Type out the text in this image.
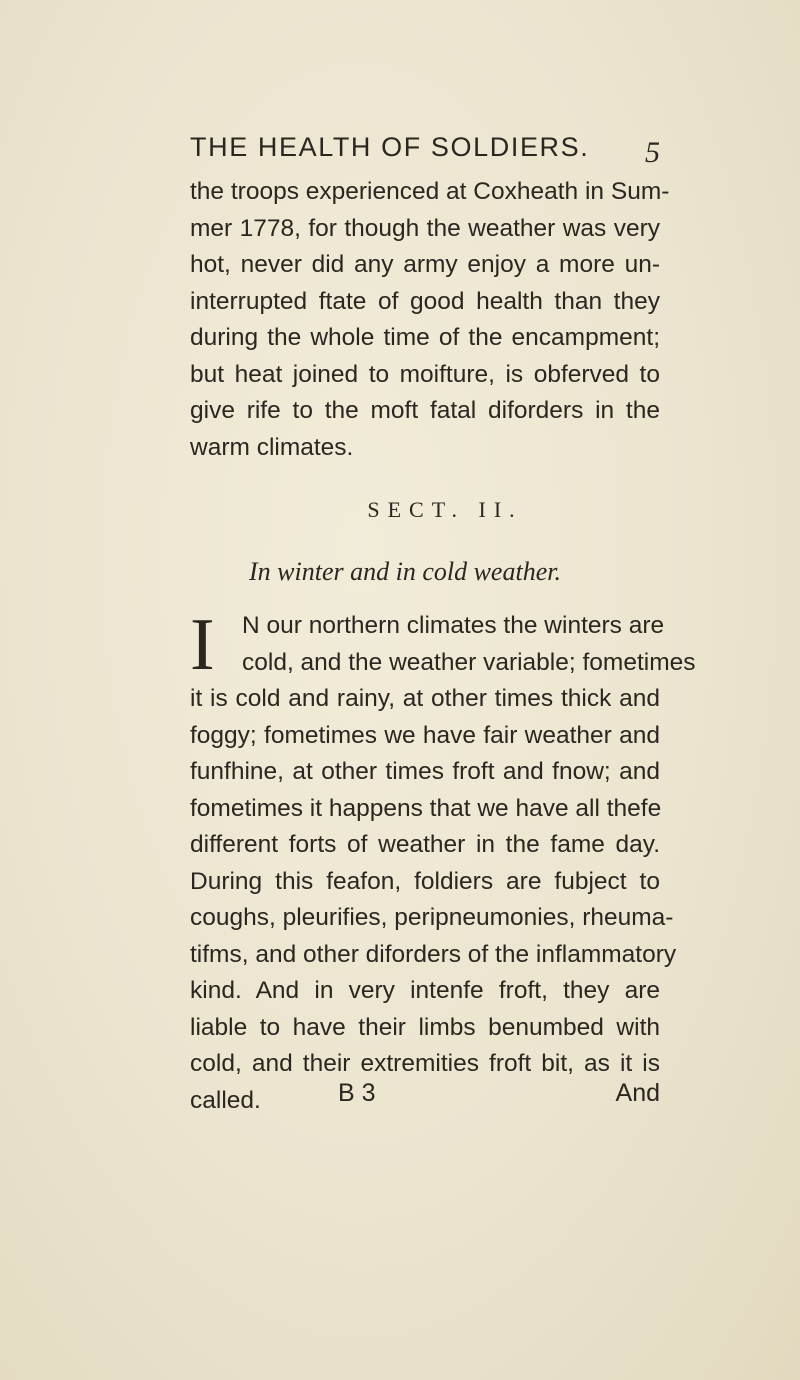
THE HEALTH OF SOLDIERS. 5
the troops experienced at Coxheath in Sum-
mer 1778, for though the weather was very
hot, never did any army enjoy a more un-
interrupted ftate of good health than they
during the whole time of the encampment;
but heat joined to moifture, is obferved to
give rife to the moft fatal diforders in the
warm climates.
SECT. II.
In winter and in cold weather.
I N our northern climates the winters are
cold, and the weather variable; fometimes
it is cold and rainy, at other times thick and
foggy; fometimes we have fair weather and
funfhine, at other times froft and fnow; and
fometimes it happens that we have all thefe
different forts of weather in the fame day.
During this feafon, foldiers are fubject to
coughs, pleurifies, peripneumonies, rheuma-
tifms, and other diforders of the inflammatory
kind. And in very intenfe froft, they are
liable to have their limbs benumbed with
cold, and their extremities froft bit, as it is
called.	B 3	And
